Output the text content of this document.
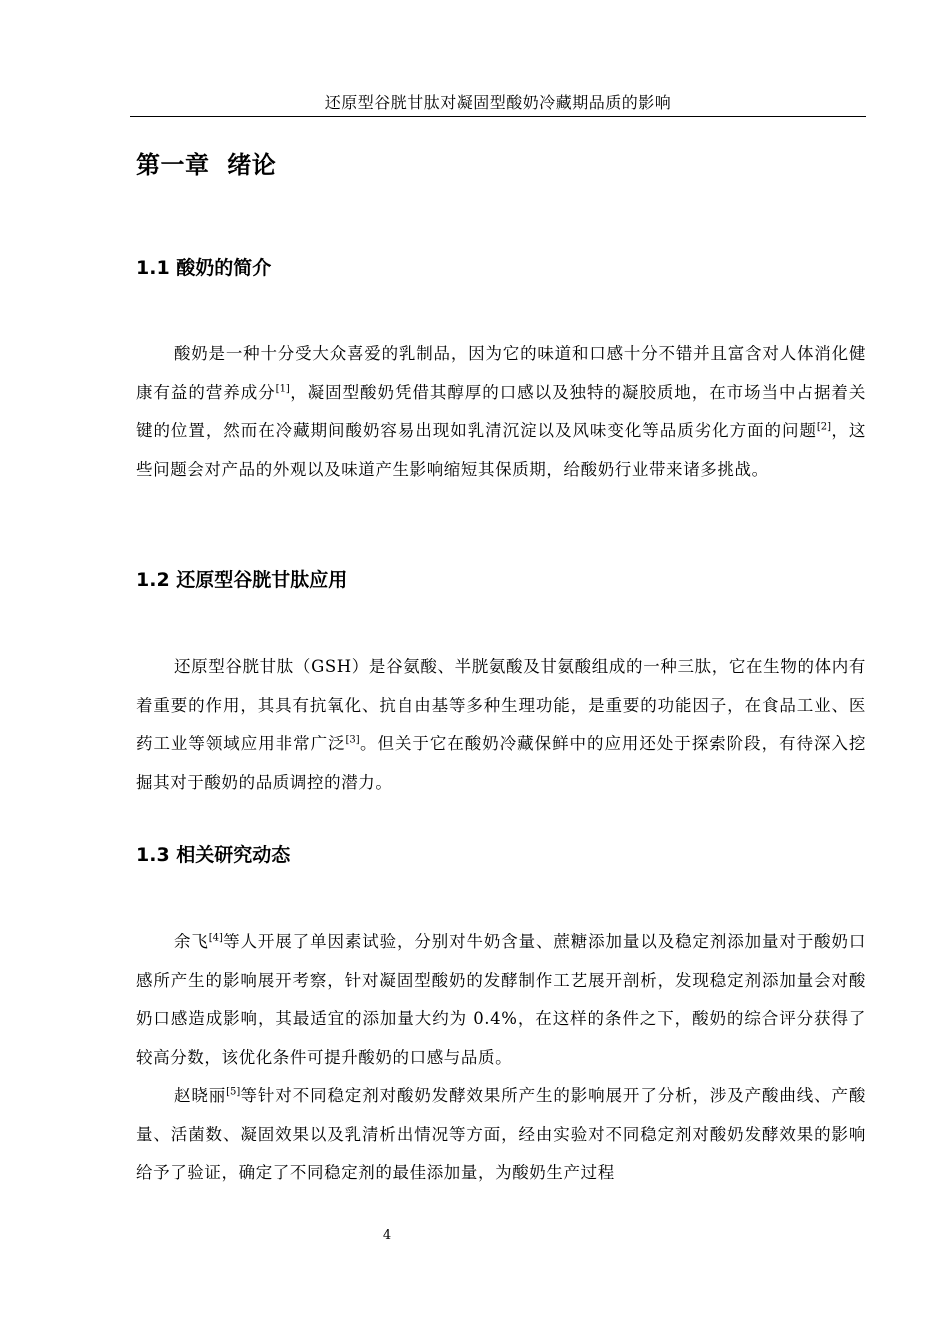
还原型谷胱甘肽对凝固型酸奶冷藏期品质的影响
第一章  绪论
1.1 酸奶的简介

酸奶是一种十分受大众喜爱的乳制品，因为它的味道和口感十分不错并且富含对人体消化健康有益的营养成分[1]，凝固型酸奶凭借其醇厚的口感以及独特的凝胶质地，在市场当中占据着关键的位置，然而在冷藏期间酸奶容易出现如乳清沉淀以及风味变化等品质劣化方面的问题[2]，这些问题会对产品的外观以及味道产生影响缩短其保质期，给酸奶行业带来诸多挑战。

1.2 还原型谷胱甘肽应用

还原型谷胱甘肽（GSH）是谷氨酸、半胱氨酸及甘氨酸组成的一种三肽，它在生物的体内有着重要的作用，其具有抗氧化、抗自由基等多种生理功能，是重要的功能因子，在食品工业、医药工业等领域应用非常广泛[3]。但关于它在酸奶冷藏保鲜中的应用还处于探索阶段，有待深入挖掘其对于酸奶的品质调控的潜力。

1.3 相关研究动态

余飞[4]等人开展了单因素试验，分别对牛奶含量、蔗糖添加量以及稳定剂添加量对于酸奶口感所产生的影响展开考察，针对凝固型酸奶的发酵制作工艺展开剖析，发现稳定剂添加量会对酸奶口感造成影响，其最适宜的添加量大约为 0.4%，在这样的条件之下，酸奶的综合评分获得了较高分数，该优化条件可提升酸奶的口感与品质。

赵晓丽[5]等针对不同稳定剂对酸奶发酵效果所产生的影响展开了分析，涉及产酸曲线、产酸量、活菌数、凝固效果以及乳清析出情况等方面，经由实验对不同稳定剂对酸奶发酵效果的影响给予了验证，确定了不同稳定剂的最佳添加量，为酸奶生产过程

4
